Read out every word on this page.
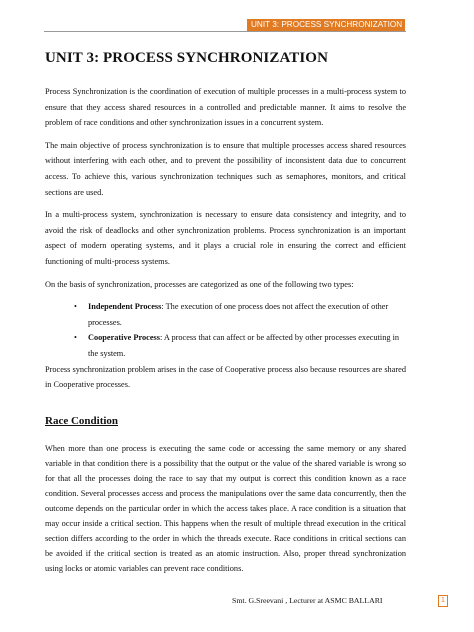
UNIT 3: PROCESS SYNCHRONIZATION
UNIT 3: PROCESS SYNCHRONIZATION

Process Synchronization is the coordination of execution of multiple processes in a multi-process system to ensure that they access shared resources in a controlled and predictable manner. It aims to resolve the problem of race conditions and other synchronization issues in a concurrent system.

The main objective of process synchronization is to ensure that multiple processes access shared resources without interfering with each other, and to prevent the possibility of inconsistent data due to concurrent access. To achieve this, various synchronization techniques such as semaphores, monitors, and critical sections are used.

In a multi-process system, synchronization is necessary to ensure data consistency and integrity, and to avoid the risk of deadlocks and other synchronization problems. Process synchronization is an important aspect of modern operating systems, and it plays a crucial role in ensuring the correct and efficient functioning of multi-process systems.

On the basis of synchronization, processes are categorized as one of the following two types:

• Independent Process: The execution of one process does not affect the execution of other processes.
• Cooperative Process: A process that can affect or be affected by other processes executing in the system.

Process synchronization problem arises in the case of Cooperative process also because resources are shared in Cooperative processes.

Race Condition

When more than one process is executing the same code or accessing the same memory or any shared variable in that condition there is a possibility that the output or the value of the shared variable is wrong so for that all the processes doing the race to say that my output is correct this condition known as a race condition. Several processes access and process the manipulations over the same data concurrently, then the outcome depends on the particular order in which the access takes place. A race condition is a situation that may occur inside a critical section. This happens when the result of multiple thread execution in the critical section differs according to the order in which the threads execute. Race conditions in critical sections can be avoided if the critical section is treated as an atomic instruction. Also, proper thread synchronization using locks or atomic variables can prevent race conditions.

Smt. G.Sreevani , Lecturer at ASMC BALLARI	1
